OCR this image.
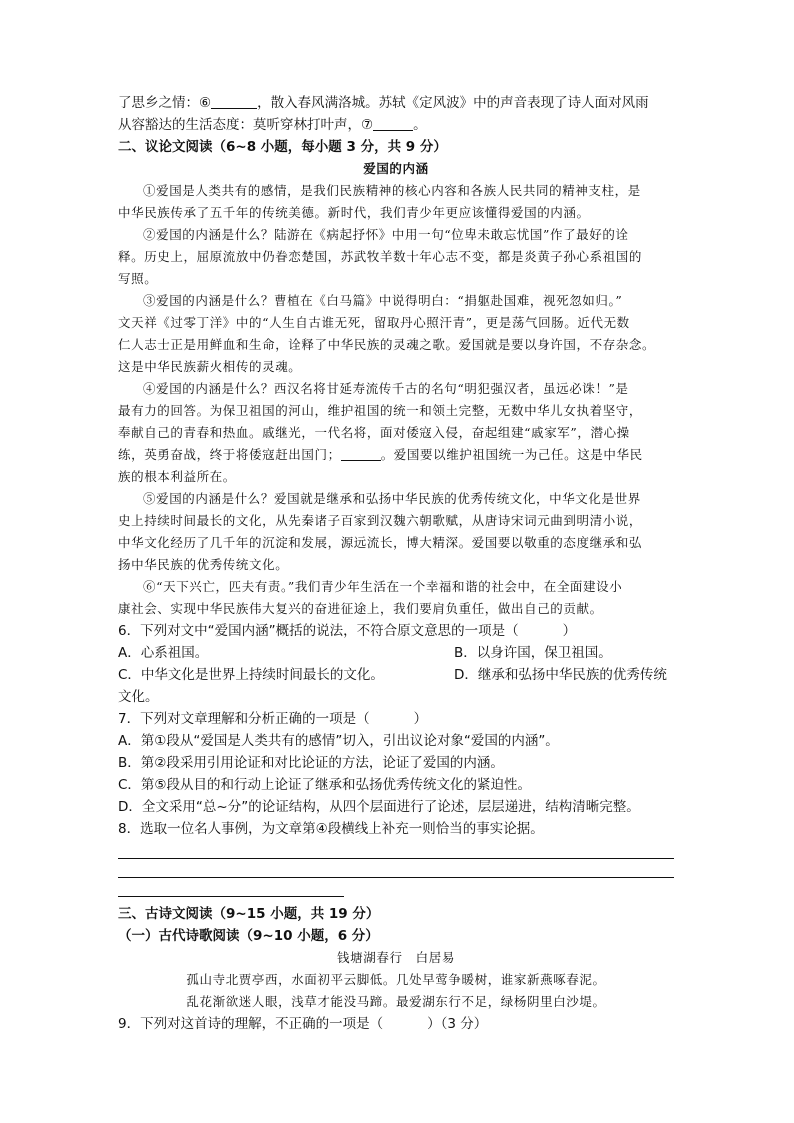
了思乡之情：⑥	，散入春风满洛城。苏轼《定风波》中的声音表现了诗人面对风雨
从容豁达的生活态度：莫听穿林打叶声，⑦	。
二、议论文阅读（6~8 小题，每小题 3 分，共 9 分）
爱国的内涵
①爱国是人类共有的感情，是我们民族精神的核心内容和各族人民共同的精神支柱，是
中华民族传承了五千年的传统美德。新时代，我们青少年更应该懂得爱国的内涵。
②爱国的内涵是什么？陆游在《病起抒怀》中用一句“位卑未敢忘忧国”作了最好的诠
释。历史上，屈原流放中仍眷恋楚国，苏武牧羊数十年心志不变，都是炎黄子孙心系祖国的
写照。
③爱国的内涵是什么？曹植在《白马篇》中说得明白：“捐躯赴国难，视死忽如归。”
文天祥《过零丁洋》中的“人生自古谁无死，留取丹心照汗青”，更是荡气回肠。近代无数
仁人志士正是用鲜血和生命，诠释了中华民族的灵魂之歌。爱国就是要以身许国，不存杂念。
这是中华民族薪火相传的灵魂。
④爱国的内涵是什么？西汉名将甘延寿流传千古的名句“明犯强汉者，虽远必诛！”是
最有力的回答。为保卫祖国的河山，维护祖国的统一和领土完整，无数中华儿女执着坚守，
奉献自己的青春和热血。戚继光，一代名将，面对倭寇入侵，奋起组建“戚家军”，潜心操
练，英勇奋战，终于将倭寇赶出国门；	。爱国要以维护祖国统一为己任。这是中华民
族的根本利益所在。
⑤爱国的内涵是什么？爱国就是继承和弘扬中华民族的优秀传统文化，中华文化是世界
史上持续时间最长的文化，从先秦诸子百家到汉魏六朝歌赋，从唐诗宋词元曲到明清小说，
中华文化经历了几千年的沉淀和发展，源远流长，博大精深。爱国要以敬重的态度继承和弘
扬中华民族的优秀传统文化。
⑥“天下兴亡，匹夫有责。”我们青少年生活在一个幸福和谐的社会中，在全面建设小
康社会、实现中华民族伟大复兴的奋进征途上，我们要肩负重任，做出自己的贡献。
6．下列对文中“爱国内涵”概括的说法，不符合原文意思的一项是（	）
A．心系祖国。	B．以身许国，保卫祖国。
C．中华文化是世界上持续时间最长的文化。	D．继承和弘扬中华民族的优秀传统
文化。
7．下列对文章理解和分析正确的一项是（	）
A．第①段从“爱国是人类共有的感情”切入，引出议论对象“爱国的内涵”。
B．第②段采用引用论证和对比论证的方法，论证了爱国的内涵。
C．第⑤段从目的和行动上论证了继承和弘扬优秀传统文化的紧迫性。
D．全文采用“总~分”的论证结构，从四个层面进行了论述，层层递进，结构清晰完整。
8．选取一位名人事例，为文章第④段横线上补充一则恰当的事实论据。
三、古诗文阅读（9~15 小题，共 19 分）
（一）古代诗歌阅读（9~10 小题，6 分）
钱塘湖春行　白居易
孤山寺北贾亭西，水面初平云脚低。几处早莺争暖树，谁家新燕啄春泥。
乱花渐欲迷人眼，浅草才能没马蹄。最爱湖东行不足，绿杨阴里白沙堤。
9．下列对这首诗的理解，不正确的一项是（	）（3 分）
